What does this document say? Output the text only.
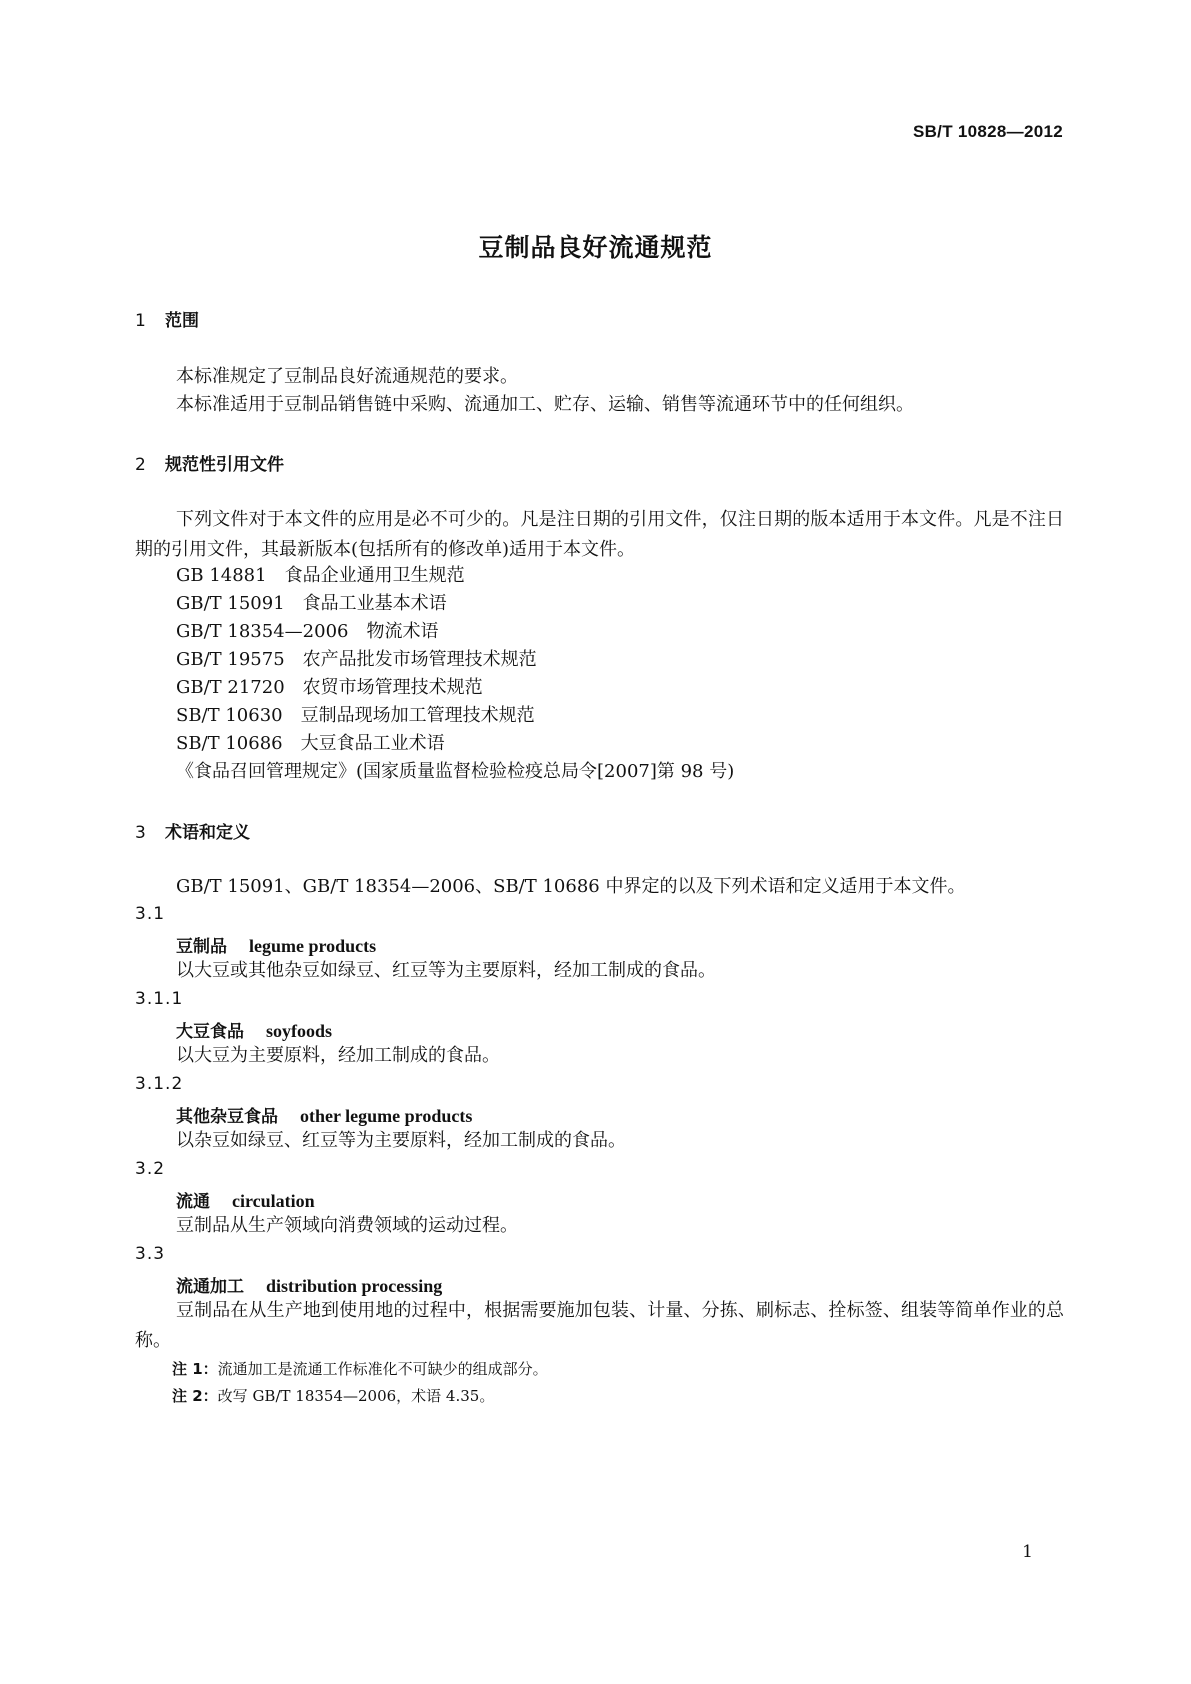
SB/T 10828—2012
豆制品良好流通规范
1 范围
本标准规定了豆制品良好流通规范的要求。
本标准适用于豆制品销售链中采购、流通加工、贮存、运输、销售等流通环节中的任何组织。
2 规范性引用文件
下列文件对于本文件的应用是必不可少的。凡是注日期的引用文件，仅注日期的版本适用于本文件。凡是不注日期的引用文件，其最新版本(包括所有的修改单)适用于本文件。
GB 14881 食品企业通用卫生规范
GB/T 15091 食品工业基本术语
GB/T 18354—2006 物流术语
GB/T 19575 农产品批发市场管理技术规范
GB/T 21720 农贸市场管理技术规范
SB/T 10630 豆制品现场加工管理技术规范
SB/T 10686 大豆食品工业术语
《食品召回管理规定》(国家质量监督检验检疫总局令[2007]第 98 号)
3 术语和定义
GB/T 15091、GB/T 18354—2006、SB/T 10686 中界定的以及下列术语和定义适用于本文件。
3.1
豆制品 legume products
以大豆或其他杂豆如绿豆、红豆等为主要原料，经加工制成的食品。
3.1.1
大豆食品 soyfoods
以大豆为主要原料，经加工制成的食品。
3.1.2
其他杂豆食品 other legume products
以杂豆如绿豆、红豆等为主要原料，经加工制成的食品。
3.2
流通 circulation
豆制品从生产领域向消费领域的运动过程。
3.3
流通加工 distribution processing
豆制品在从生产地到使用地的过程中，根据需要施加包装、计量、分拣、刷标志、拴标签、组装等简单作业的总称。
注 1：流通加工是流通工作标准化不可缺少的组成部分。
注 2：改写 GB/T 18354—2006，术语 4.35。
1
